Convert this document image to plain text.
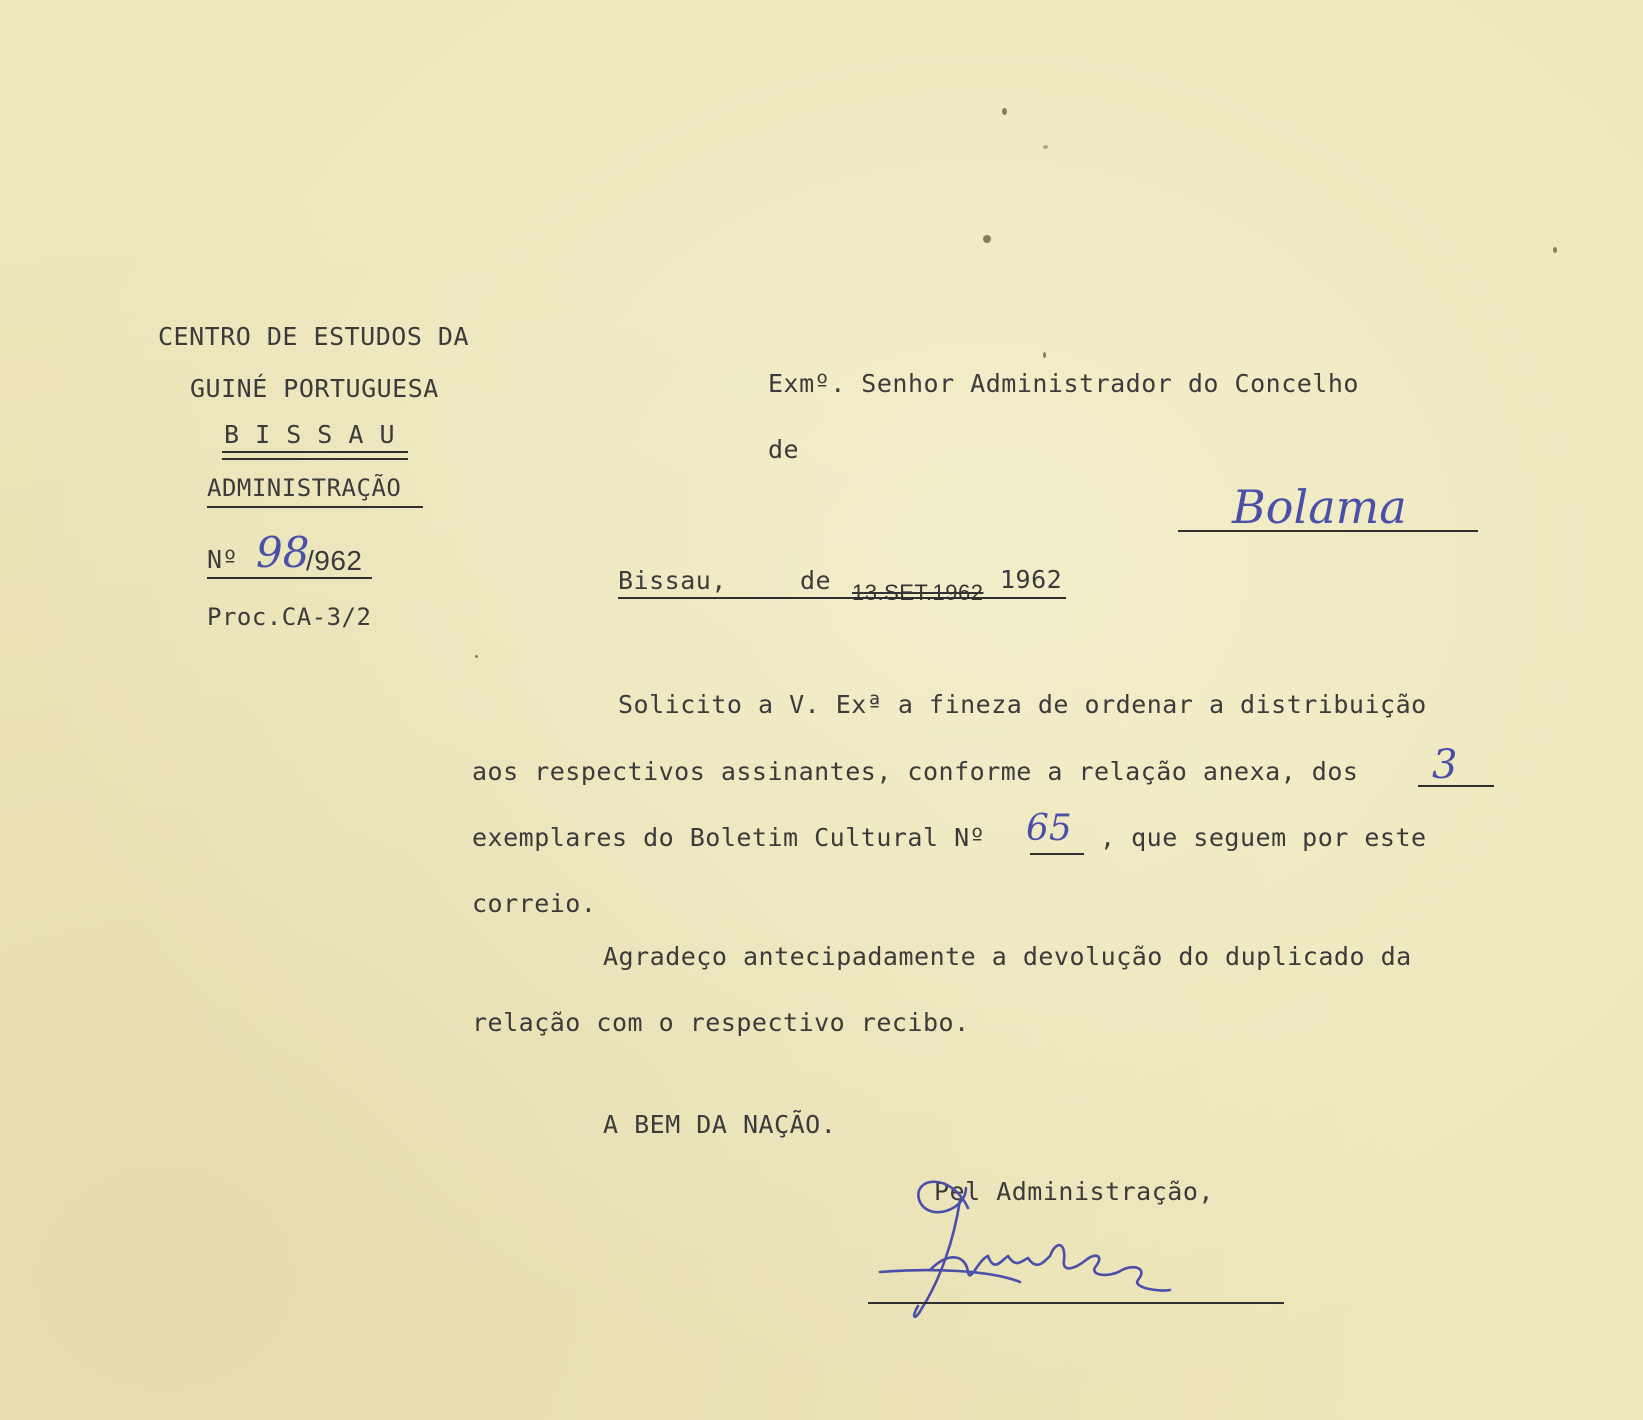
CENTRO DE ESTUDOS DA
GUINÉ PORTUGUESA
B I S S A U
ADMINISTRAÇÃO
Nº 98
/962
Proc.CA-3/2
Exmº. Senhor Administrador do Concelho
de
Bolama
Bissau,	de 13.SET.1962 1962
Solicito a V. Exª a fineza de ordenar a distribuição
aos respectivos assinantes, conforme a relação anexa, dos 3
exemplares do Boletim Cultural Nº 65 , que seguem por este
correio.
Agradeço antecipadamente a devolução do duplicado da
relação com o respectivo recibo.
A BEM DA NAÇÃO.
Pel Administração,
